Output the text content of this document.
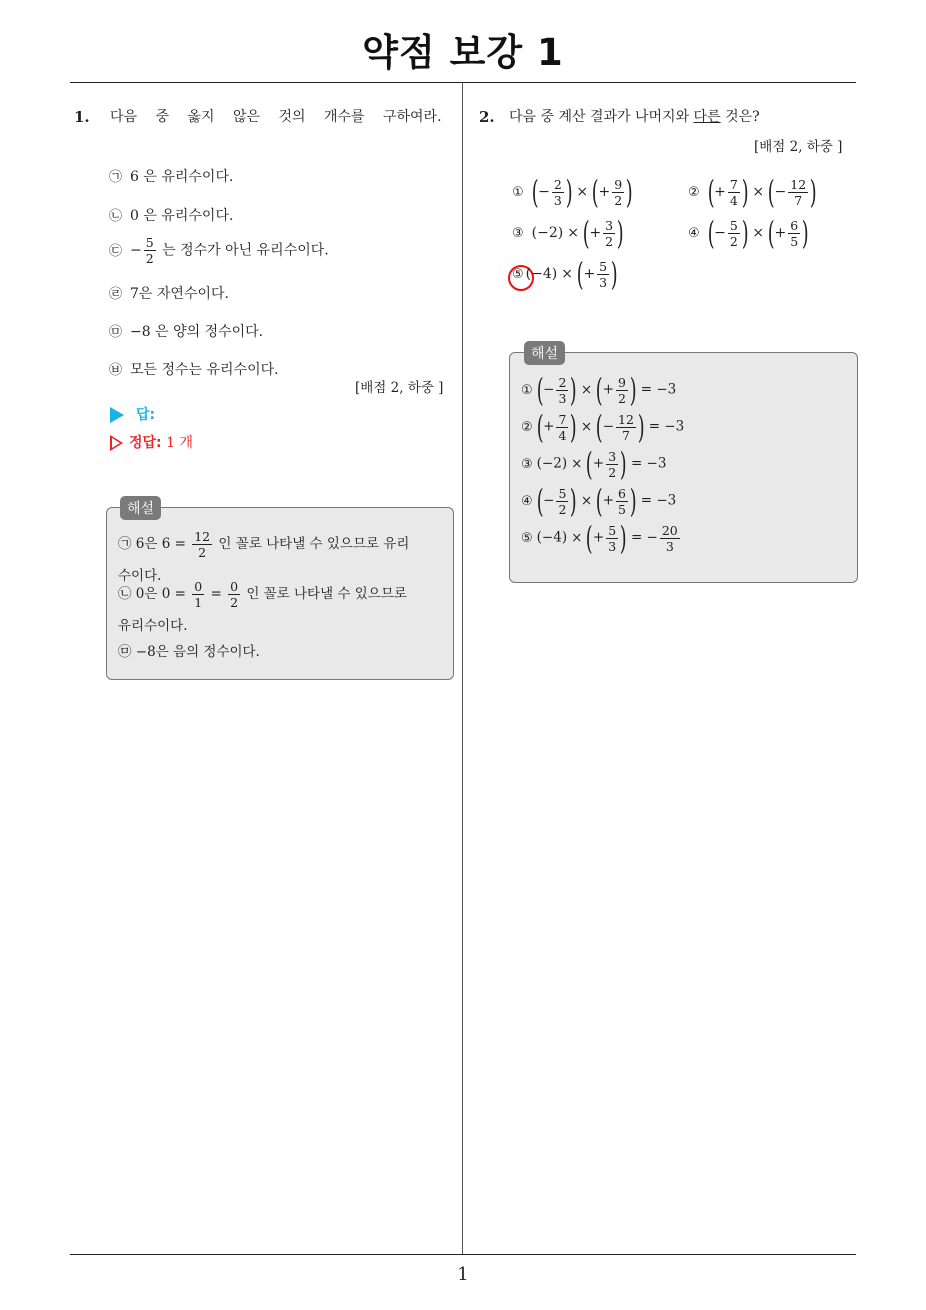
약점 보강 1
1. 다음 중 옳지 않은 것의 개수를 구하여라.
㉠ 6 은 유리수이다.
㉡ 0 은 유리수이다.
㉢ − $\frac{5}{2}$ 는 정수가 아닌 유리수이다.
㉣ 7은 자연수이다.
㉤ −8 은 양의 정수이다.
㉥ 모든 정수는 유리수이다.
[배점 2, 하중 ]
답:
정답: 1 개
해설
㉠ 6은 $6 = \frac{12}{2}$ 인 꼴로 나타낼 수 있으므로 유리
수이다.
㉡ 0은 $0 = \frac{0}{1} = \frac{0}{2}$ 인 꼴로 나타낼 수 있으므로
유리수이다.
㉤ −8은 음의 정수이다.
2. 다음 중 계산 결과가 나머지와 다른 것은?
[배점 2, 하중 ]
① (− $\frac{2}{3}$ ) × (+ $\frac{9}{2}$ )	② (+ $\frac{7}{4}$ ) × (− $\frac{12}{7}$ )
③ (−2) × (+ $\frac{3}{2}$ )	④ (− $\frac{5}{2}$ ) × (+ $\frac{6}{5}$ )
⑤ (−4) × (+ $\frac{5}{3}$ )
해설
① (− $\frac{2}{3}$ ) × (+ $\frac{9}{2}$ ) = −3
② (+ $\frac{7}{4}$ ) × (− $\frac{12}{7}$ ) = −3
③ (−2) × (+ $\frac{3}{2}$ ) = −3
④ (− $\frac{5}{2}$ ) × (+ $\frac{6}{5}$ ) = −3
⑤ (−4) × (+ $\frac{5}{3}$ ) = − $\frac{20}{3}$
1
